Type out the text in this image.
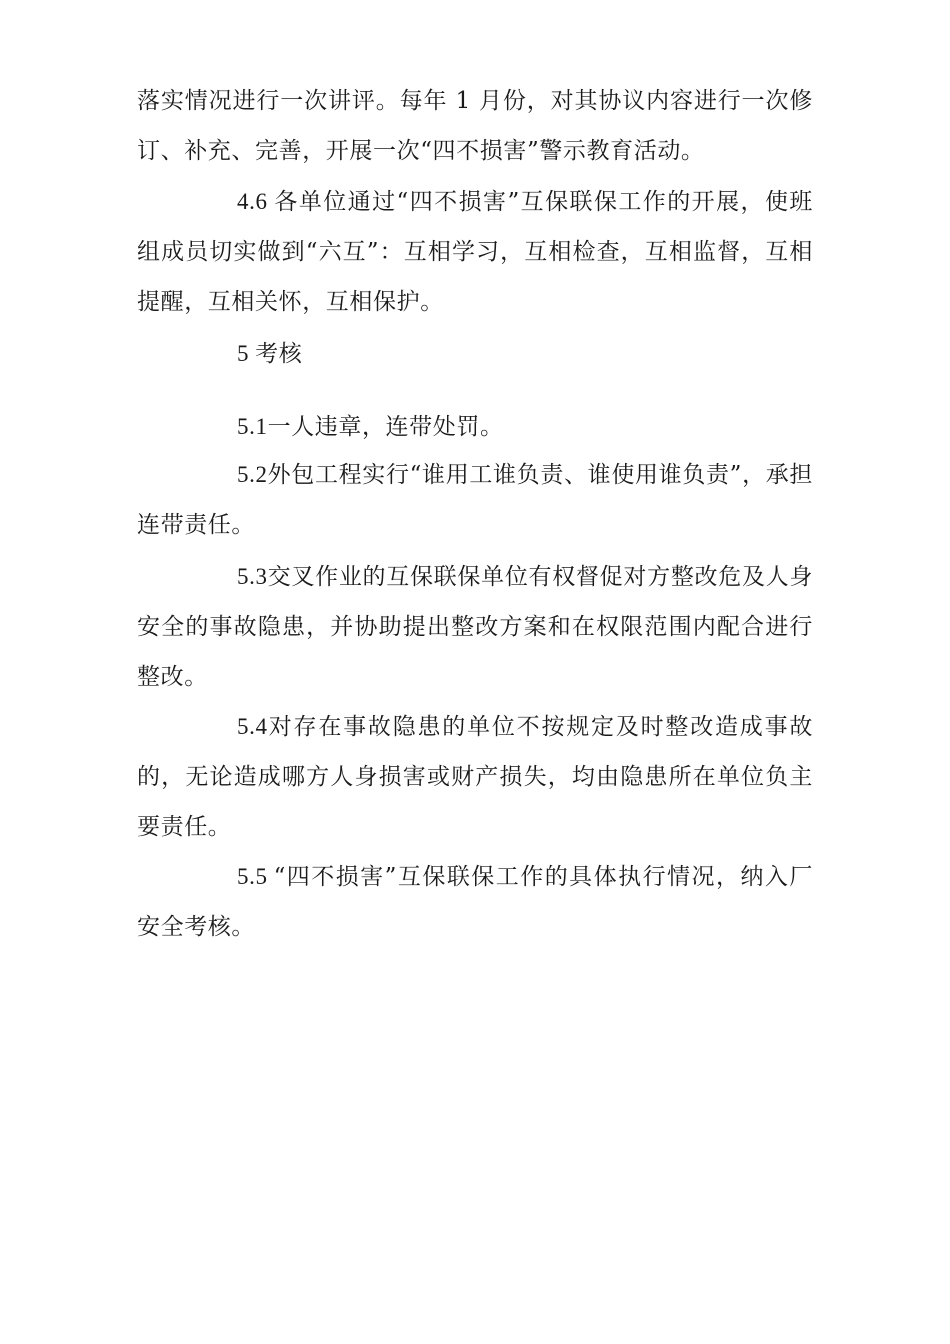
落实情况进行一次讲评。每年 1 月份，对其协议内容进行一次修订、补充、完善，开展一次“四不损害”警示教育活动。

4.6 各单位通过“四不损害”互保联保工作的开展，使班组成员切实做到“六互”：互相学习，互相检查，互相监督，互相提醒，互相关怀，互相保护。

5 考核

5.1一人违章，连带处罚。

5.2外包工程实行“谁用工谁负责、谁使用谁负责”，承担连带责任。

5.3交叉作业的互保联保单位有权督促对方整改危及人身安全的事故隐患，并协助提出整改方案和在权限范围内配合进行整改。

5.4对存在事故隐患的单位不按规定及时整改造成事故的，无论造成哪方人身损害或财产损失，均由隐患所在单位负主要责任。

5.5 “四不损害”互保联保工作的具体执行情况，纳入厂安全考核。
